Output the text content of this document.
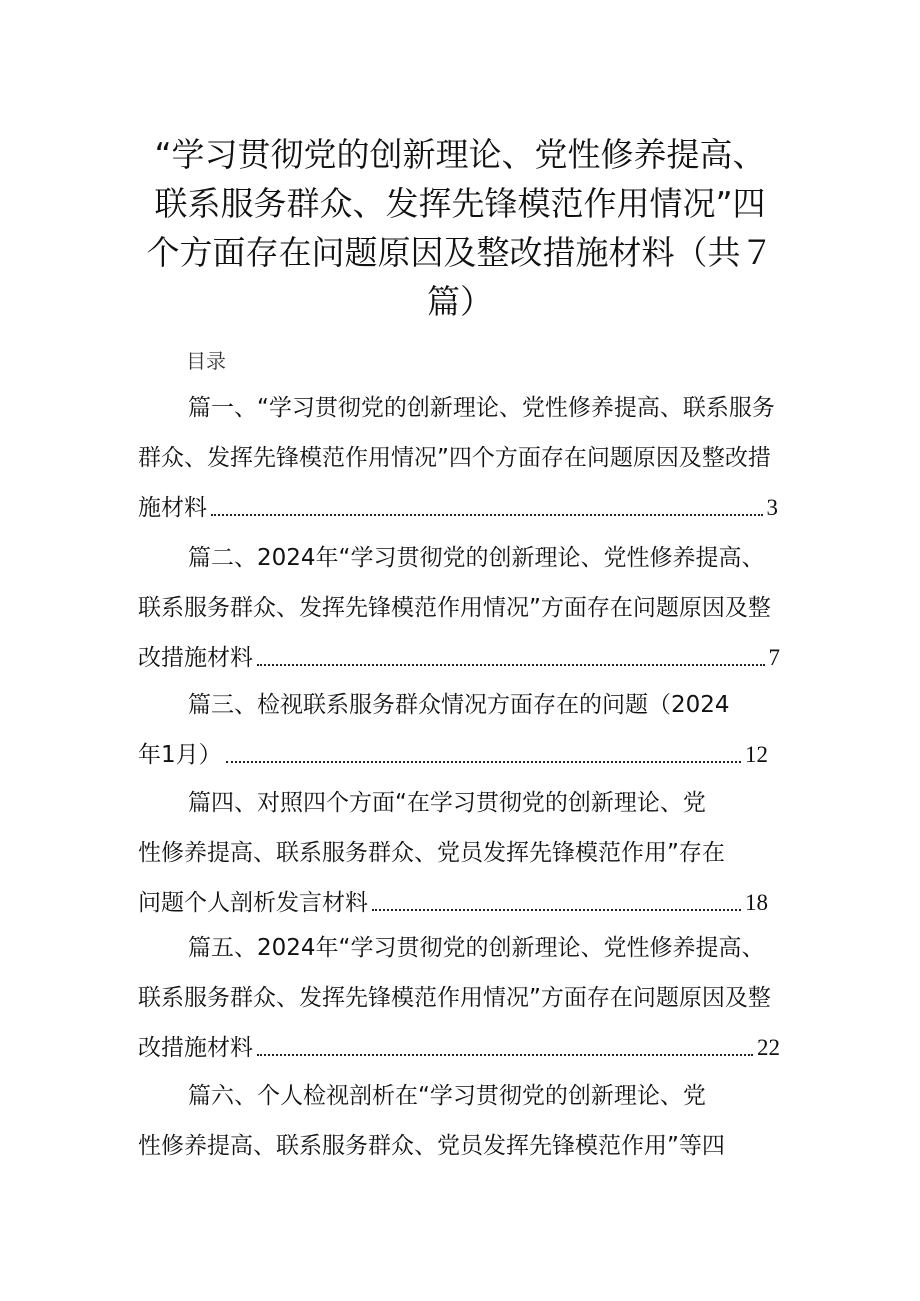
“学习贯彻党的创新理论、党性修养提高、
联系服务群众、发挥先锋模范作用情况”四
个方面存在问题原因及整改措施材料（共７
篇）
目录
篇一、“学习贯彻党的创新理论、党性修养提高、联系服务
群众、发挥先锋模范作用情况”四个方面存在问题原因及整改措
施材料	3
篇二、2024年“学习贯彻党的创新理论、党性修养提高、
联系服务群众、发挥先锋模范作用情况”方面存在问题原因及整
改措施材料	7
篇三、检视联系服务群众情况方面存在的问题（2024
年1月）	12
篇四、对照四个方面“在学习贯彻党的创新理论、党
性修养提高、联系服务群众、党员发挥先锋模范作用”存在
问题个人剖析发言材料	18
篇五、2024年“学习贯彻党的创新理论、党性修养提高、
联系服务群众、发挥先锋模范作用情况”方面存在问题原因及整
改措施材料	22
篇六、个人检视剖析在“学习贯彻党的创新理论、党
性修养提高、联系服务群众、党员发挥先锋模范作用”等四
